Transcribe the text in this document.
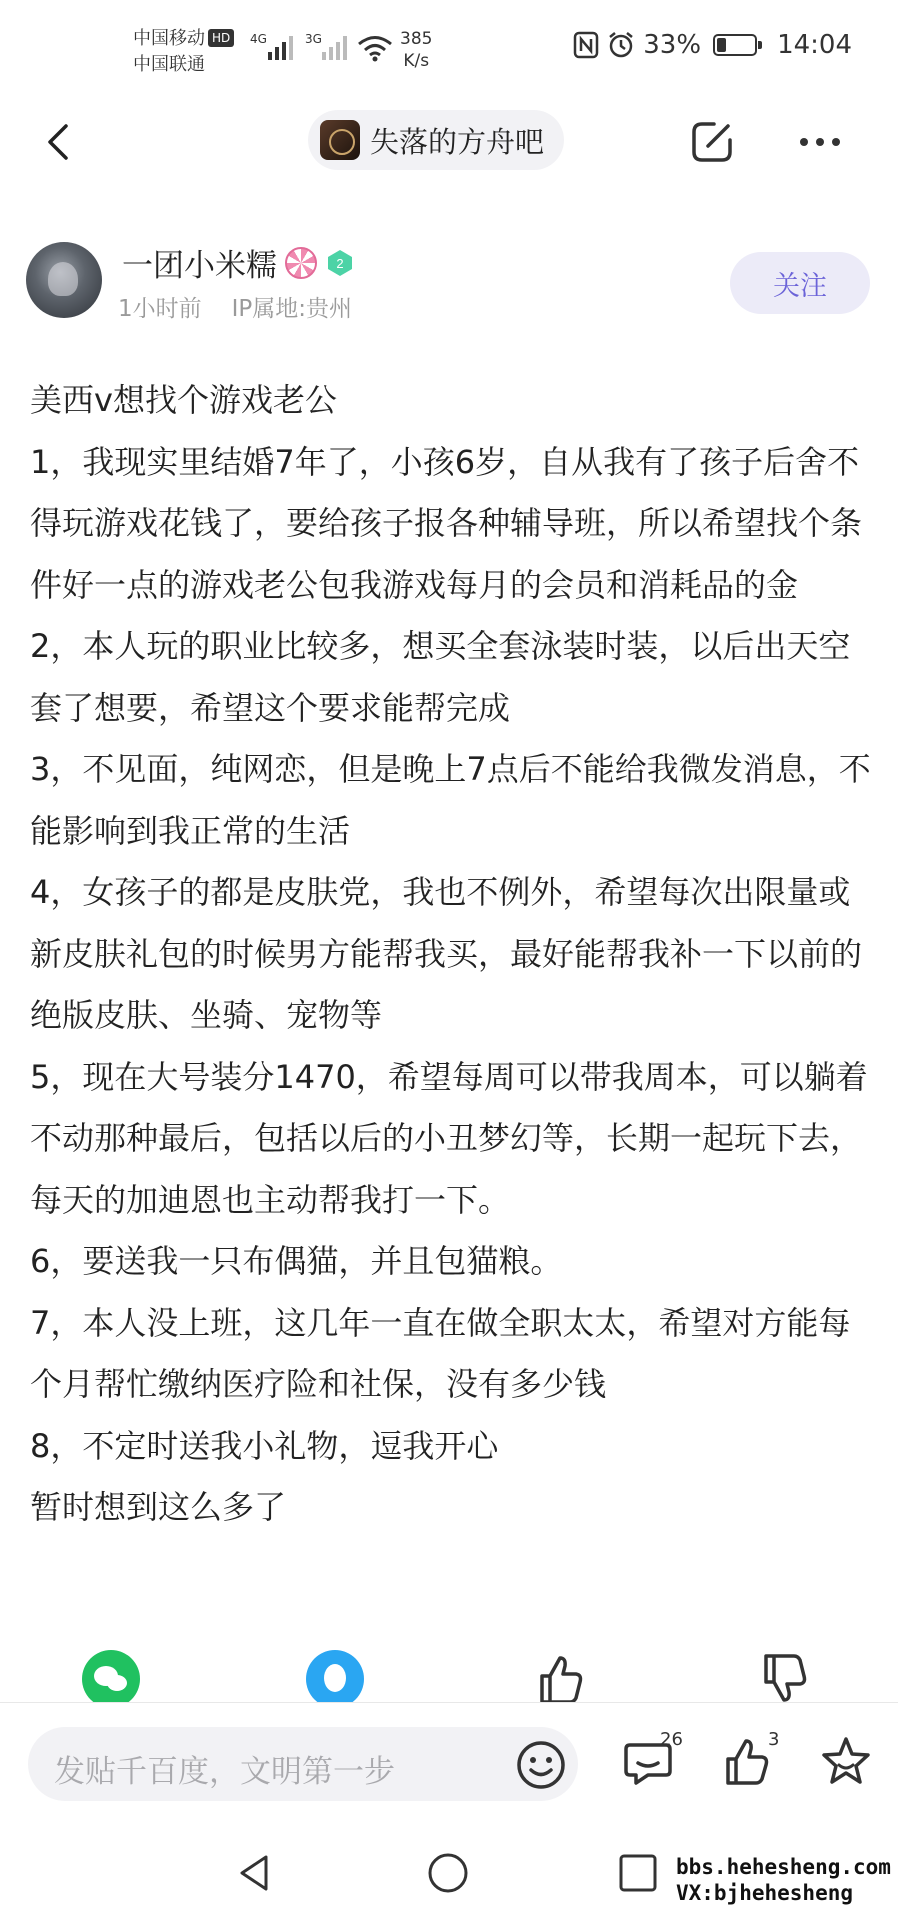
中国移动 HD
中国联通
4G	3G	385
K/s
33%	14:04
失落的方舟吧
一团小米糯	2
1小时前 IP属地:贵州
关注

美西v想找个游戏老公

1，我现实里结婚7年了，小孩6岁，自从我有了孩子后舍不得玩游戏花钱了，要给孩子报各种辅导班，所以希望找个条件好一点的游戏老公包我游戏每月的会员和消耗品的金

2，本人玩的职业比较多，想买全套泳装时装，以后出天空套了想要，希望这个要求能帮完成

3，不见面，纯网恋，但是晚上7点后不能给我微发消息，不能影响到我正常的生活

4，女孩子的都是皮肤党，我也不例外，希望每次出限量或新皮肤礼包的时候男方能帮我买，最好能帮我补一下以前的绝版皮肤、坐骑、宠物等

5，现在大号装分1470，希望每周可以带我周本，可以躺着不动那种最后，包括以后的小丑梦幻等，长期一起玩下去，每天的加迪恩也主动帮我打一下。

6，要送我一只布偶猫，并且包猫粮。

7，本人没上班，这几年一直在做全职太太，希望对方能每个月帮忙缴纳医疗险和社保，没有多少钱

8，不定时送我小礼物，逗我开心

暂时想到这么多了

发贴千百度，文明第一步
26	3
bbs.hehesheng.com
VX:bjhehesheng
